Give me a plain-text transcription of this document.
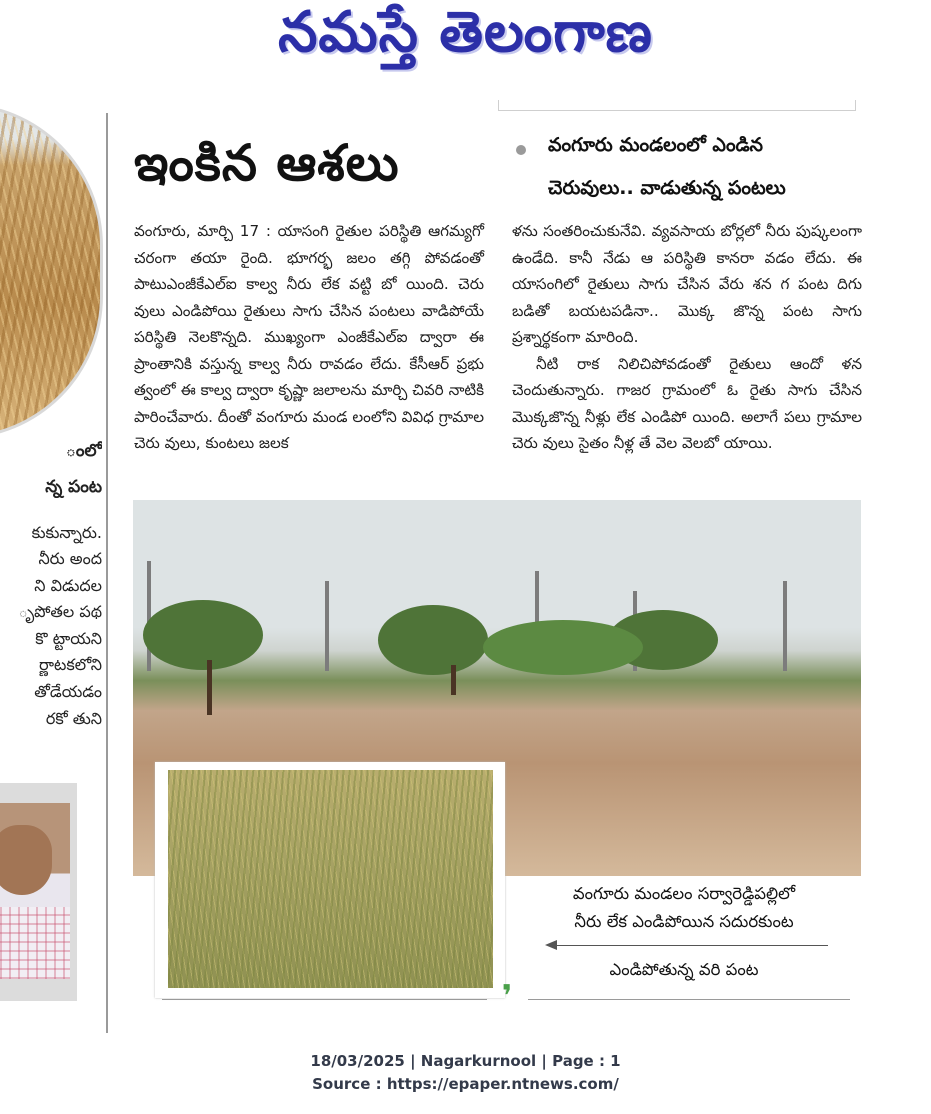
నమస్తే తెలంగాణ
ంలో
న్న పంట
కుకున్నారు.
నీరు అంద
ని విడుదల
ృపోతల పథ
కొ ట్టాయని
ర్ణాటకలోని
తోడేయడం
రకో తుని
ఇంకిన ఆశలు	వంగూరు మండలంలో ఎండిన
చెరువులు.. వాడుతున్న పంటలు

వంగూరు, మార్చి 17 : యాసంగి రైతుల పరిస్థితి ఆగమ్యగో చరంగా తయా రైంది. భూగర్భ జలం తగ్గి పోవడంతో పాటుఎంజీకేఎల్ఐ కాల్వ నీరు లేక వట్టి బో యింది. చెరు వులు ఎండిపోయి రైతులు సాగు చేసిన పంటలు వాడిపోయే పరిస్థితి నెలకొన్నది. ముఖ్యంగా ఎంజీకేఎల్ఐ ద్వారా ఈ ప్రాంతానికి వస్తున్న కాల్వ నీరు రావడం లేదు. కేసీఆర్ ప్రభు త్వంలో ఈ కాల్వ ద్వారా కృష్ణా జలాలను మార్చి చివరి నాటికి పారించేవారు. దీంతో వంగూరు మండ లంలోని వివిధ గ్రామాల చెరు వులు, కుంటలు జలక

ళను సంతరించుకునేవి. వ్యవసాయ బోర్లలో నీరు పుష్కలంగా ఉండేది. కానీ నేడు ఆ పరిస్థితి కానరా వడం లేదు. ఈ యాసంగిలో రైతులు సాగు చేసిన వేరు శన గ పంట దిగు బడితో బయటపడినా.. మొక్క జొన్న పంట సాగు ప్రశ్నార్థకంగా మారింది.

నీటి రాక నిలిచిపోవడంతో రైతులు ఆందో ళన చెందుతున్నారు. గాజర గ్రామంలో ఓ రైతు సాగు చేసిన మొక్కజొన్న నీళ్లు లేక ఎండిపో యింది. అలాగే పలు గ్రామాల చెరు వులు సైతం నీళ్ల తే వెల వెలబో యాయి.

వంగూరు మండలం సర్వారెడ్డిపల్లిలో
నీరు లేక ఎండిపోయిన సదురకుంట
ఎండిపోతున్న వరి పంట
❜
18/03/2025 | Nagarkurnool | Page : 1
Source : https://epaper.ntnews.com/
